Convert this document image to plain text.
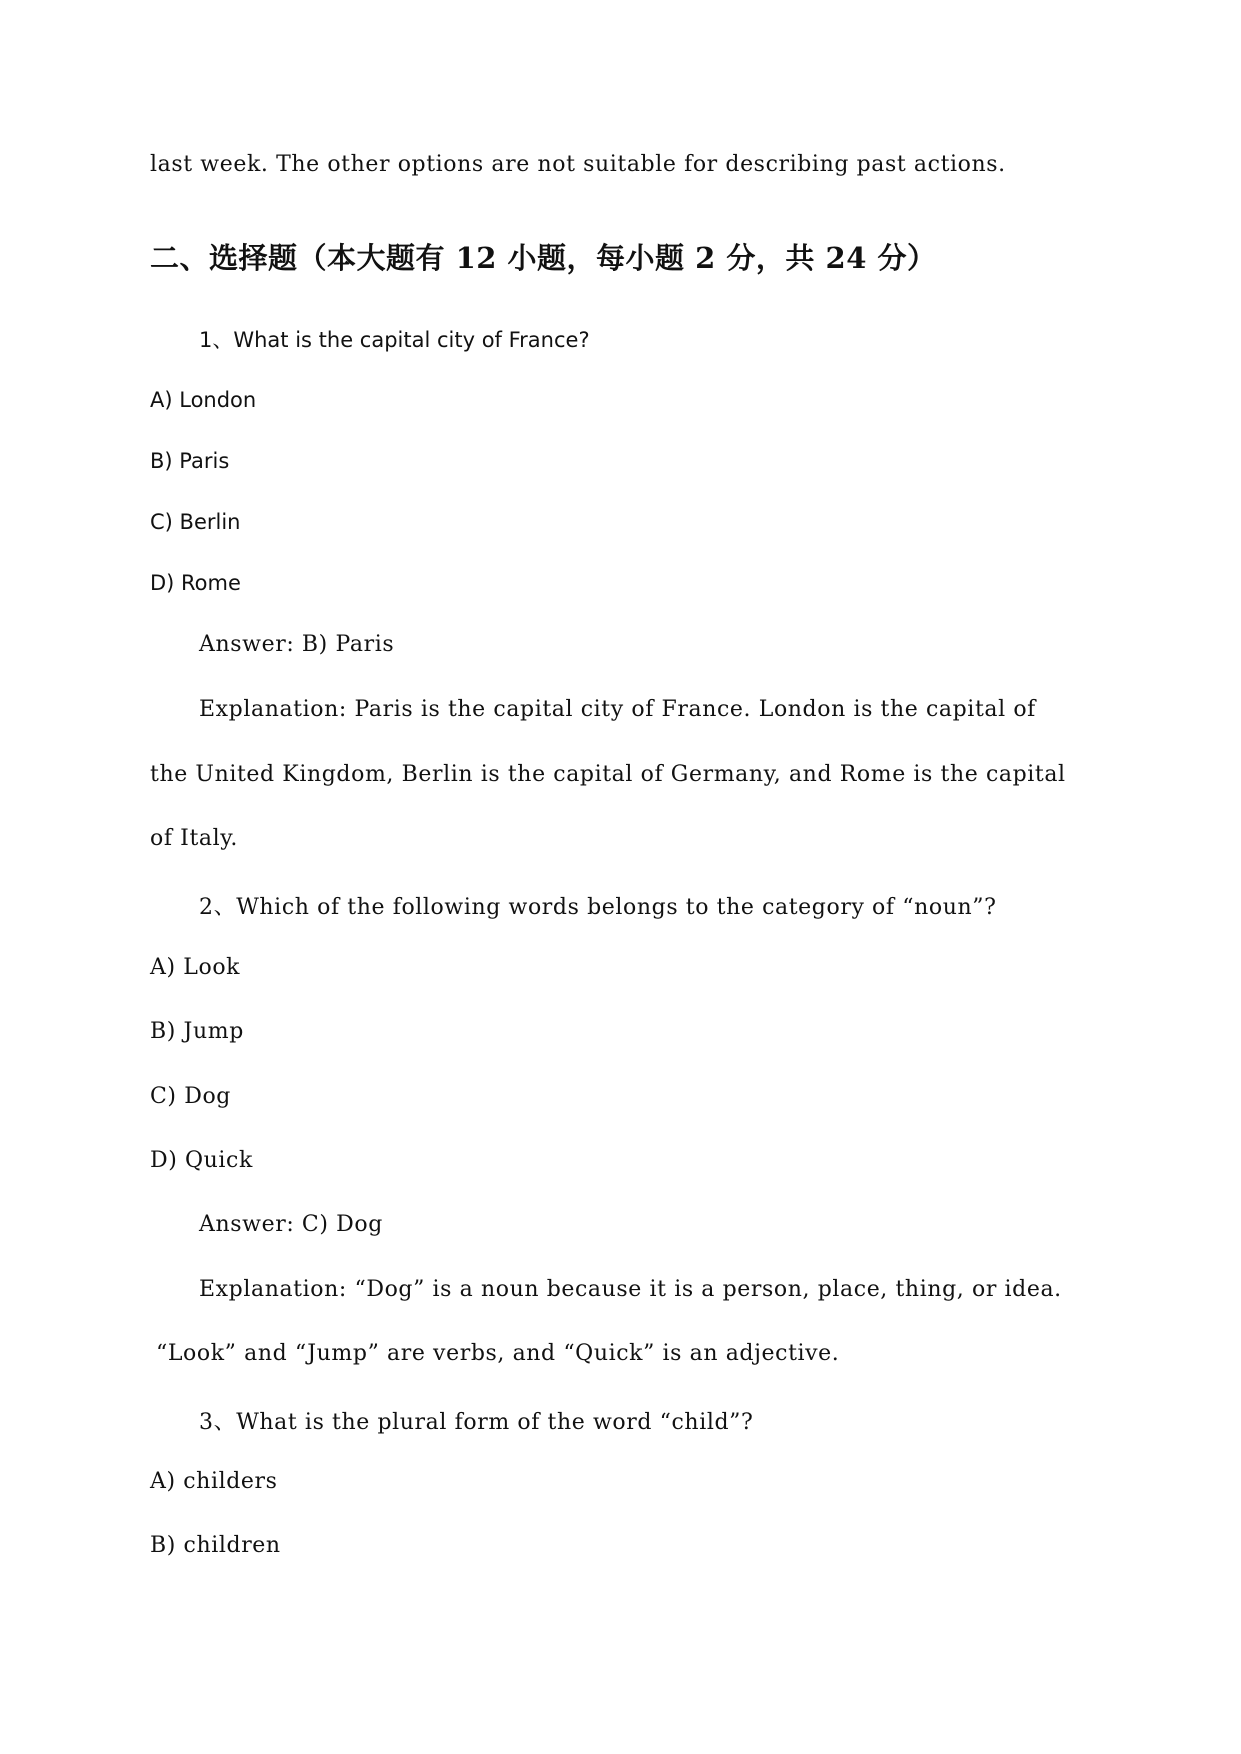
last week. The other options are not suitable for describing past actions.

二、选择题（本大题有 12 小题，每小题 2 分，共 24 分）

1、What is the capital city of France?

A) London

B) Paris

C) Berlin

D) Rome

Answer: B) Paris

Explanation: Paris is the capital city of France. London is the capital of

the United Kingdom, Berlin is the capital of Germany, and Rome is the capital

of Italy.

2、Which of the following words belongs to the category of “noun”?

A) Look

B) Jump

C) Dog

D) Quick

Answer: C) Dog

Explanation: “Dog” is a noun because it is a person, place, thing, or idea.

“Look” and “Jump” are verbs, and “Quick” is an adjective.

3、What is the plural form of the word “child”?

A) childers

B) children
